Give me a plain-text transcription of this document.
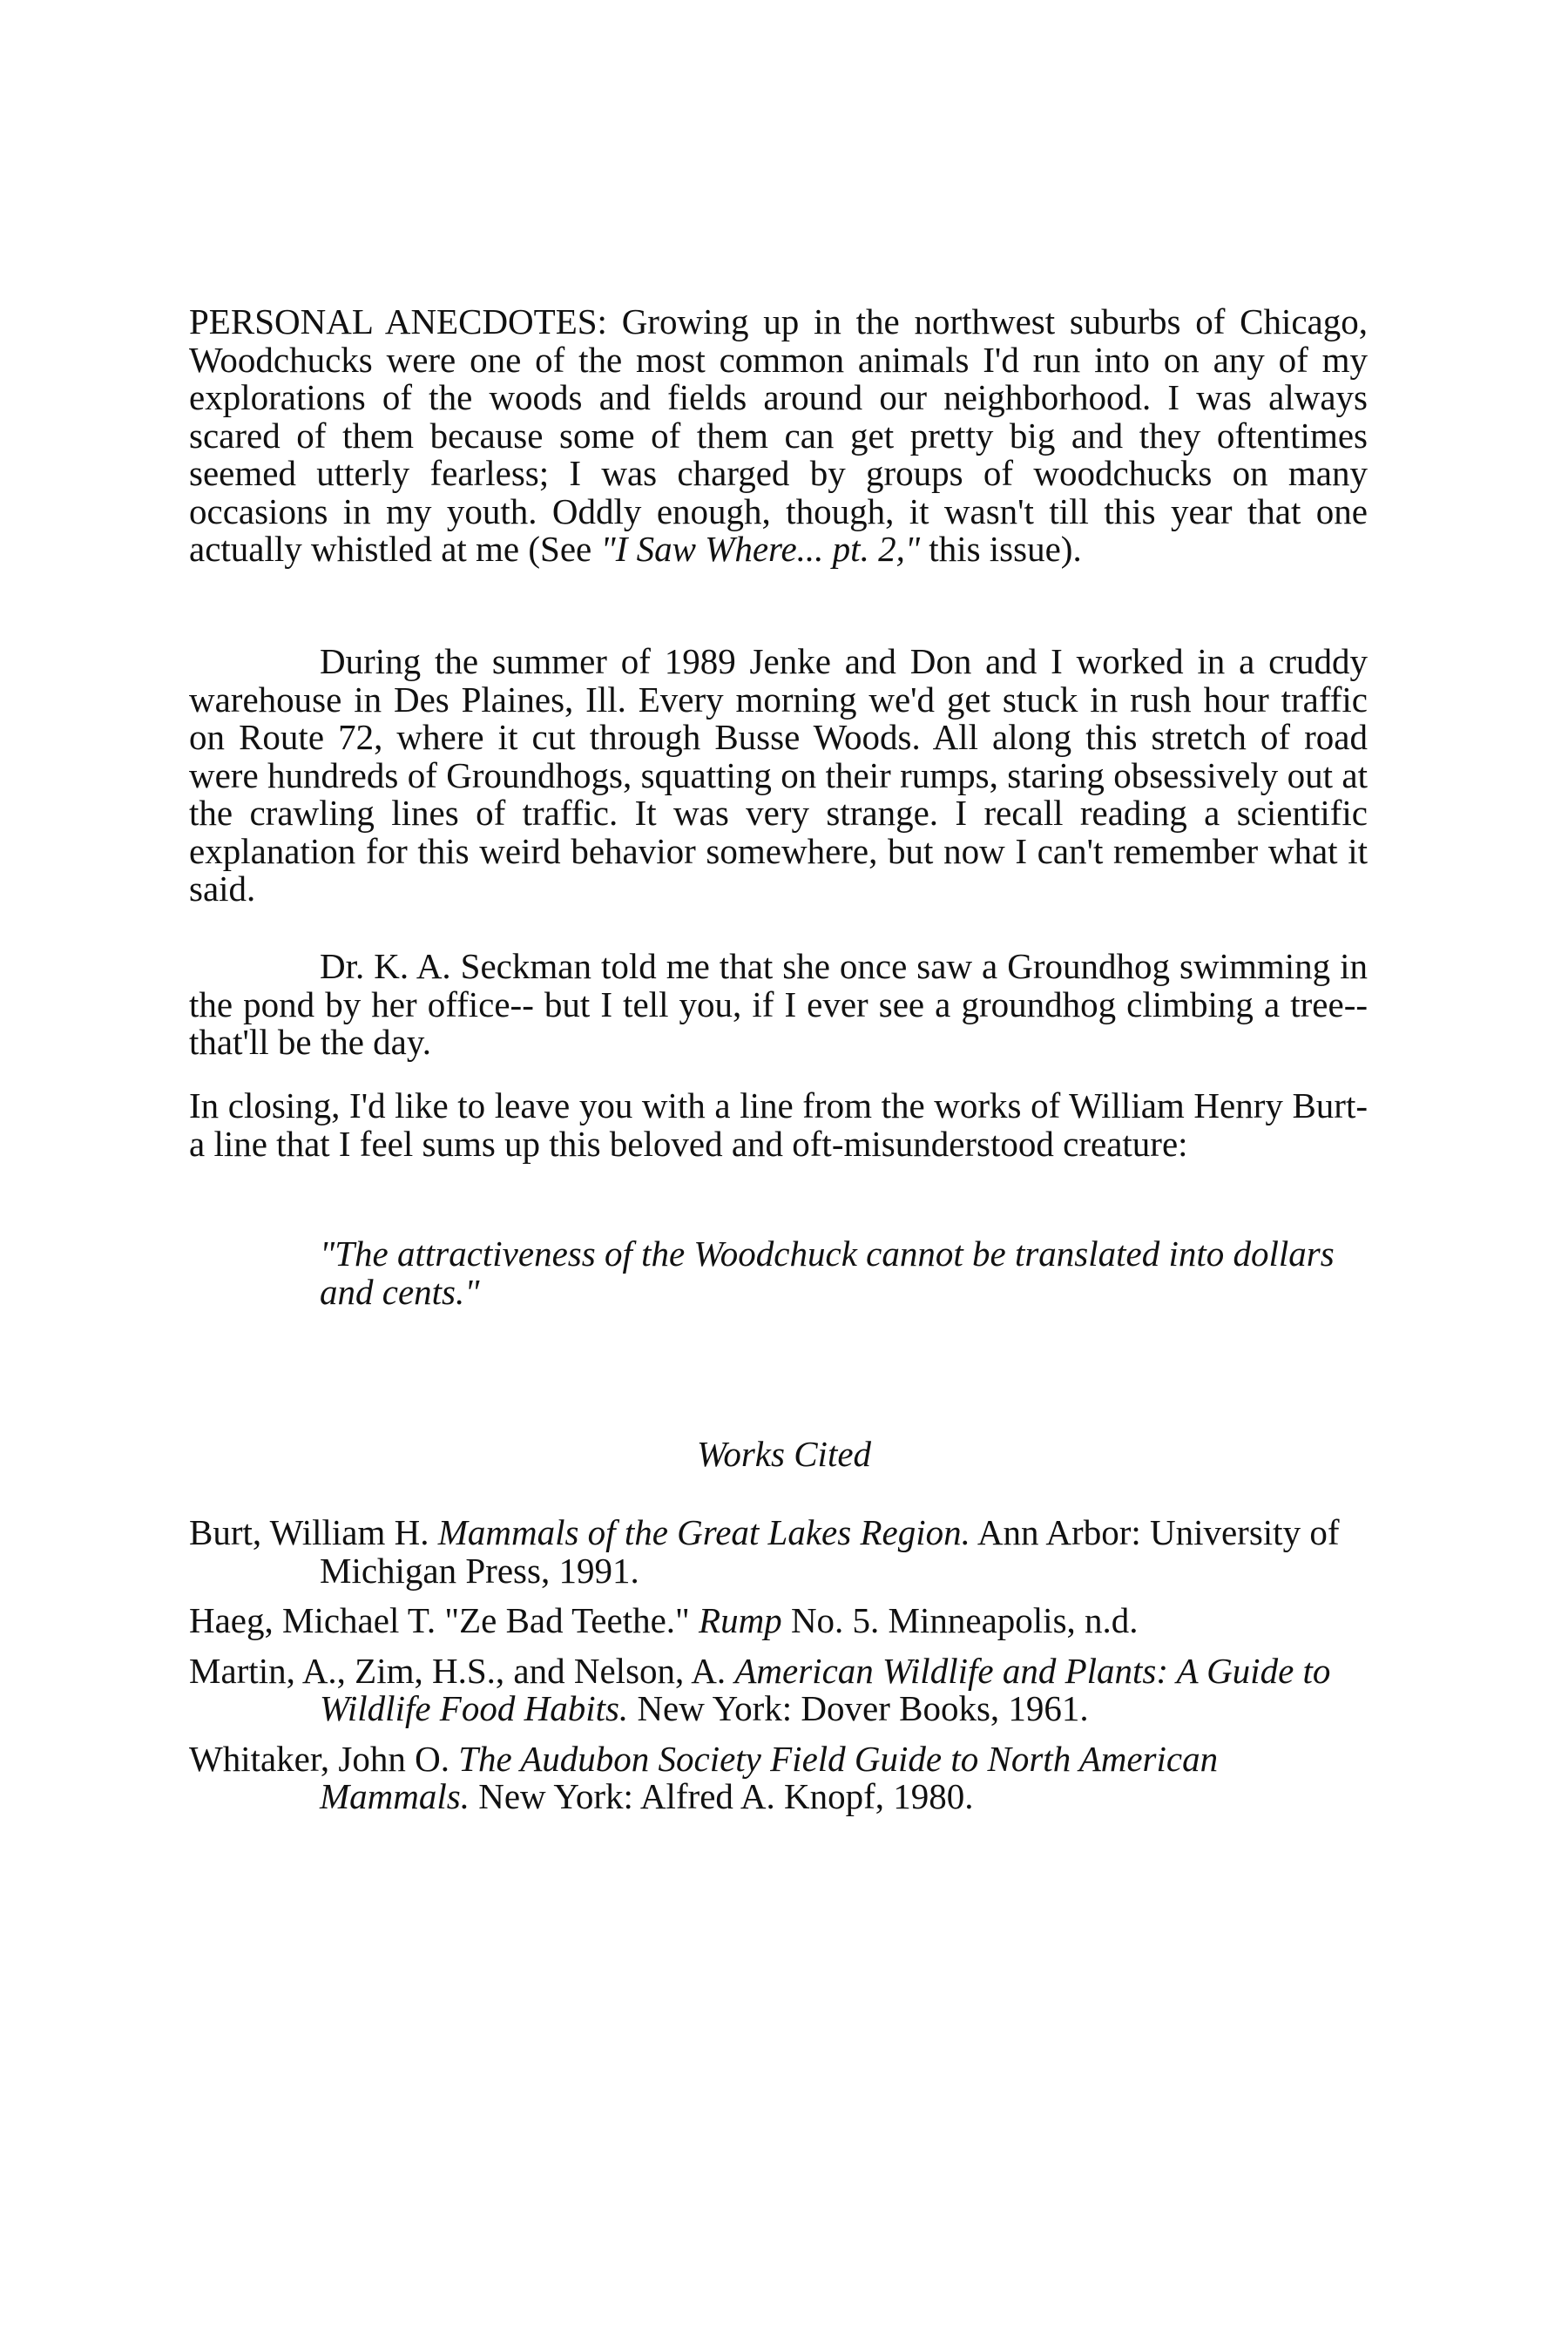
PERSONAL ANECDOTES: Growing up in the northwest suburbs of Chicago, Woodchucks were one of the most common animals I'd run into on any of my explorations of the woods and fields around our neighborhood. I was always scared of them because some of them can get pretty big and they oftentimes seemed utterly fearless; I was charged by groups of woodchucks on many occasions in my youth. Oddly enough, though, it wasn't till this year that one actually whistled at me (See "I Saw Where... pt. 2," this issue).

During the summer of 1989 Jenke and Don and I worked in a cruddy warehouse in Des Plaines, Ill. Every morning we'd get stuck in rush hour traffic on Route 72, where it cut through Busse Woods. All along this stretch of road were hundreds of Groundhogs, squatting on their rumps, staring obsessively out at the crawling lines of traffic. It was very strange. I recall reading a scientific explanation for this weird behavior somewhere, but now I can't remember what it said.

Dr. K. A. Seckman told me that she once saw a Groundhog swimming in the pond by her office-- but I tell you, if I ever see a groundhog climbing a tree-- that'll be the day.

In closing, I'd like to leave you with a line from the works of William Henry Burt- a line that I feel sums up this beloved and oft-misunderstood creature:

"The attractiveness of the Woodchuck cannot be translated into dollars and cents."

Works Cited

Burt, William H. Mammals of the Great Lakes Region. Ann Arbor: University of Michigan Press, 1991.

Haeg, Michael T. "Ze Bad Teethe." Rump No. 5. Minneapolis, n.d.

Martin, A., Zim, H.S., and Nelson, A. American Wildlife and Plants: A Guide to Wildlife Food Habits. New York: Dover Books, 1961.

Whitaker, John O. The Audubon Society Field Guide to North American Mammals. New York: Alfred A. Knopf, 1980.
